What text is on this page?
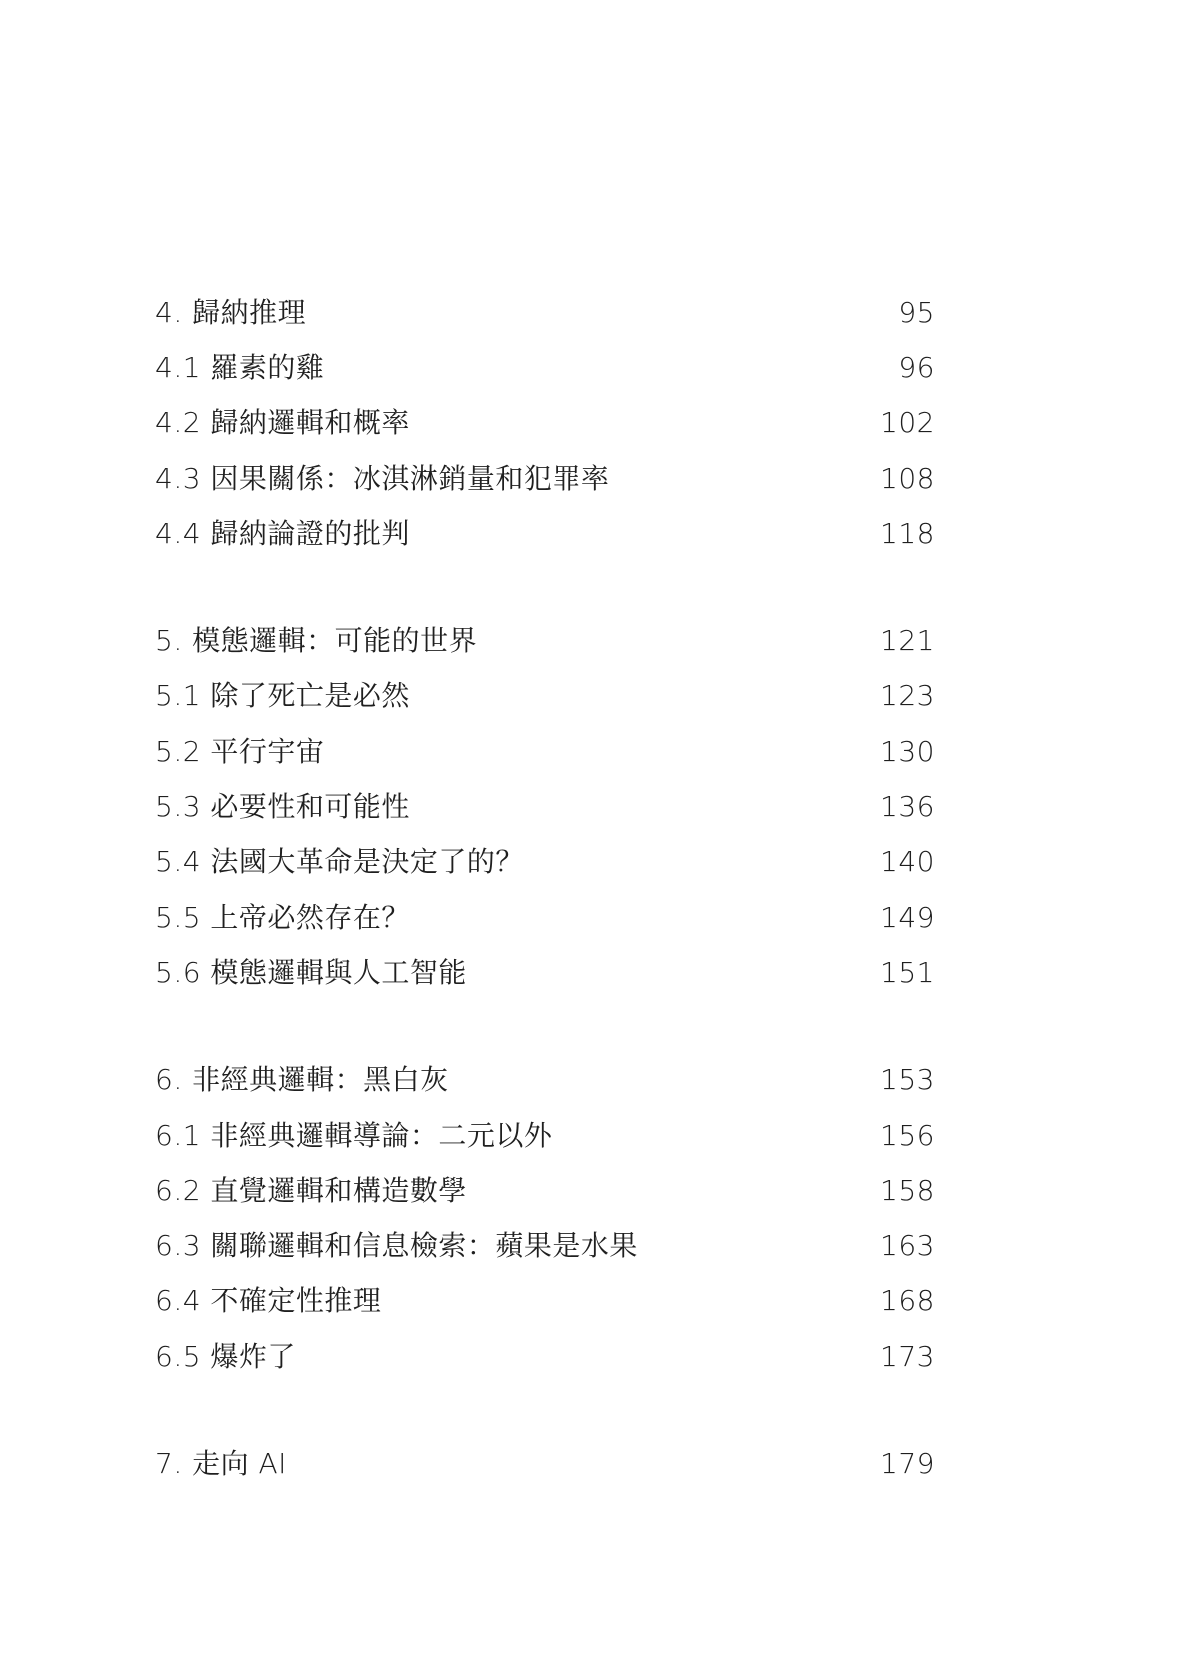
4. 歸納推理	95
4.1 羅素的雞	96
4.2 歸納邏輯和概率	102
4.3 因果關係：冰淇淋銷量和犯罪率	108
4.4 歸納論證的批判	118
5. 模態邏輯：可能的世界	121
5.1 除了死亡是必然	123
5.2 平行宇宙	130
5.3 必要性和可能性	136
5.4 法國大革命是決定了的？	140
5.5 上帝必然存在？	149
5.6 模態邏輯與人工智能	151
6. 非經典邏輯：黑白灰	153
6.1 非經典邏輯導論：二元以外	156
6.2 直覺邏輯和構造數學	158
6.3 關聯邏輯和信息檢索：蘋果是水果	163
6.4 不確定性推理	168
6.5 爆炸了	173
7. 走向 AI	179
